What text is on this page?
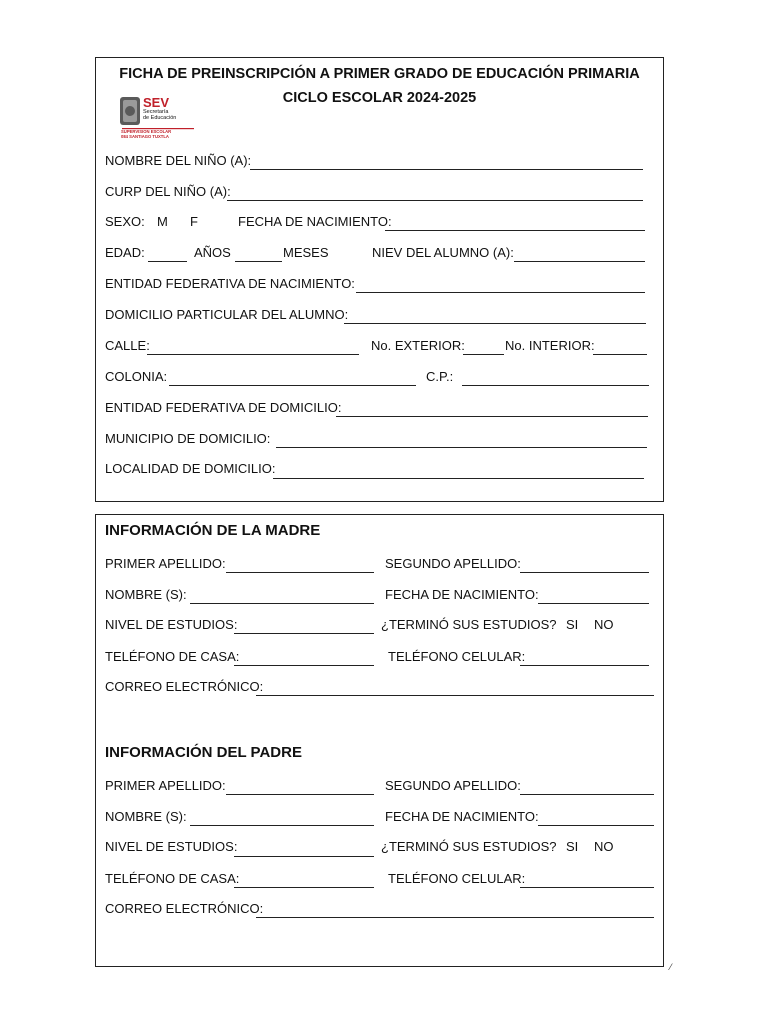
FICHA DE PREINSCRIPCIÓN A PRIMER GRADO DE EDUCACIÓN PRIMARIA
CICLO ESCOLAR 2024-2025
SEV
Secretaría
de Educación
SUPERVISION ESCOLAR
084 SANTIAGO TUXTLA
NOMBRE DEL NIÑO (A):
CURP DEL NIÑO (A):
SEXO: M F	FECHA DE NACIMIENTO:
EDAD:	AÑOS	MESES	NIEV DEL ALUMNO (A):
ENTIDAD FEDERATIVA DE NACIMIENTO:
DOMICILIO PARTICULAR DEL ALUMNO:
CALLE:	No. EXTERIOR:	No. INTERIOR:
COLONIA:	C.P.:
ENTIDAD FEDERATIVA DE DOMICILIO:
MUNICIPIO DE DOMICILIO:
LOCALIDAD DE DOMICILIO:
INFORMACIÓN DE LA MADRE
PRIMER APELLIDO:	SEGUNDO APELLIDO:
NOMBRE (S):	FECHA DE NACIMIENTO:
NIVEL DE ESTUDIOS:	¿TERMINÓ SUS ESTUDIOS? SI NO
TELÉFONO DE CASA:	TELÉFONO CELULAR:
CORREO ELECTRÓNICO:
INFORMACIÓN DEL PADRE
PRIMER APELLIDO:	SEGUNDO APELLIDO:
NOMBRE (S):	FECHA DE NACIMIENTO:
NIVEL DE ESTUDIOS:	¿TERMINÓ SUS ESTUDIOS? SI NO
TELÉFONO DE CASA:	TELÉFONO CELULAR:
CORREO ELECTRÓNICO:
⁄
